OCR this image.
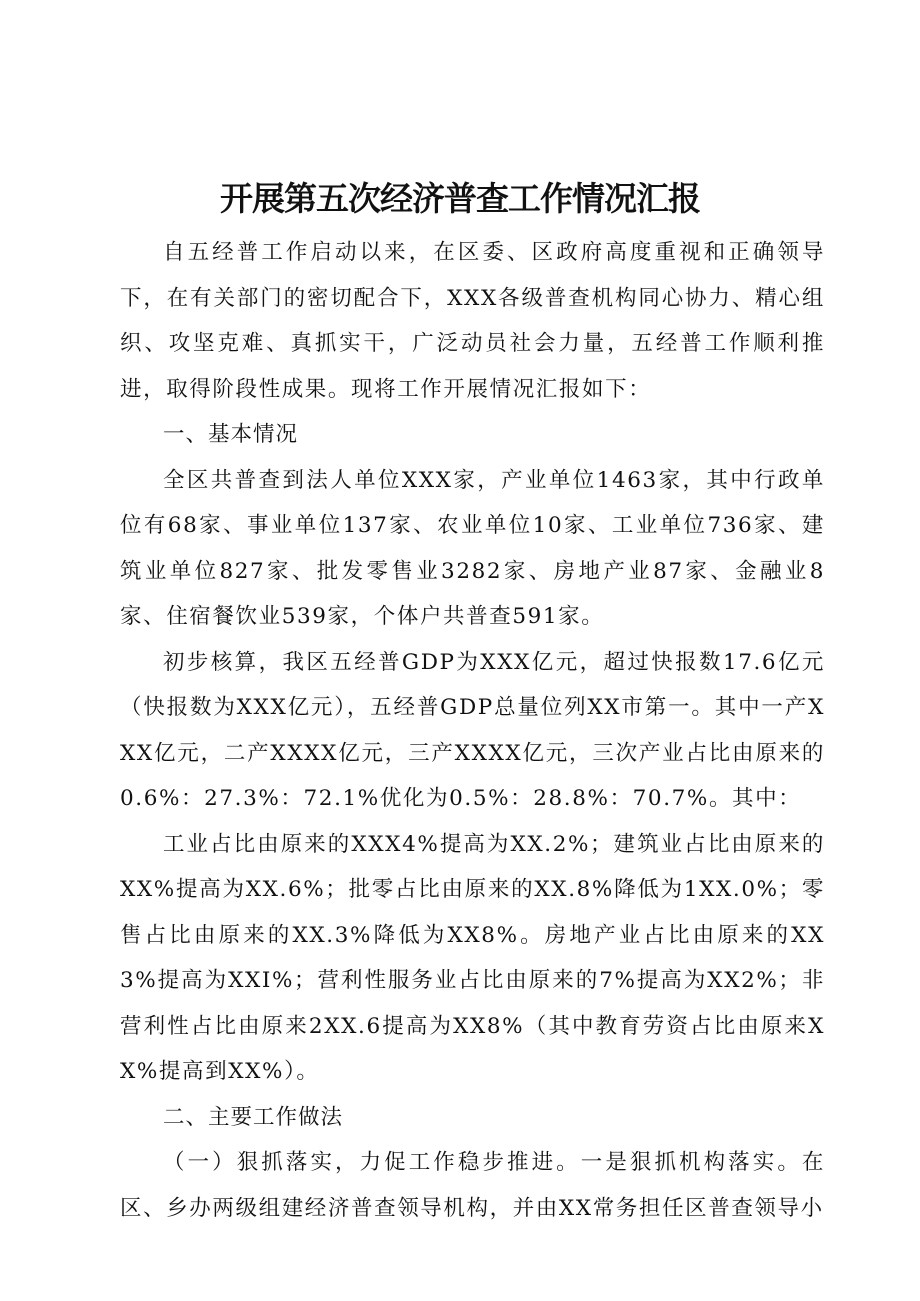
开展第五次经济普查工作情况汇报

自五经普工作启动以来，在区委、区政府高度重视和正确领导下，在有关部门的密切配合下，XXX各级普查机构同心协力、精心组织、攻坚克难、真抓实干，广泛动员社会力量，五经普工作顺利推进，取得阶段性成果。现将工作开展情况汇报如下：

一、基本情况

全区共普查到法人单位XXX家，产业单位1463家，其中行政单位有68家、事业单位137家、农业单位10家、工业单位736家、建筑业单位827家、批发零售业3282家、房地产业87家、金融业8家、住宿餐饮业539家，个体户共普查591家。

初步核算，我区五经普GDP为XXX亿元，超过快报数17.6亿元（快报数为XXX亿元），五经普GDP总量位列XX市第一。其中一产XXX亿元，二产XXXX亿元，三产XXXX亿元，三次产业占比由原来的0.6%：27.3%：72.1%优化为0.5%：28.8%：70.7%。其中：

工业占比由原来的XXX4%提高为XX.2%；建筑业占比由原来的XX%提高为XX.6%；批零占比由原来的XX.8%降低为1XX.0%；零售占比由原来的XX.3%降低为XX8%。房地产业占比由原来的XX3%提高为XXI%；营利性服务业占比由原来的7%提高为XX2%；非营利性占比由原来2XX.6提高为XX8%（其中教育劳资占比由原来XX%提高到XX%）。

二、主要工作做法

（一）狠抓落实，力促工作稳步推进。一是狠抓机构落实。在区、乡办两级组建经济普查领导机构，并由XX常务担任区普查领导小
